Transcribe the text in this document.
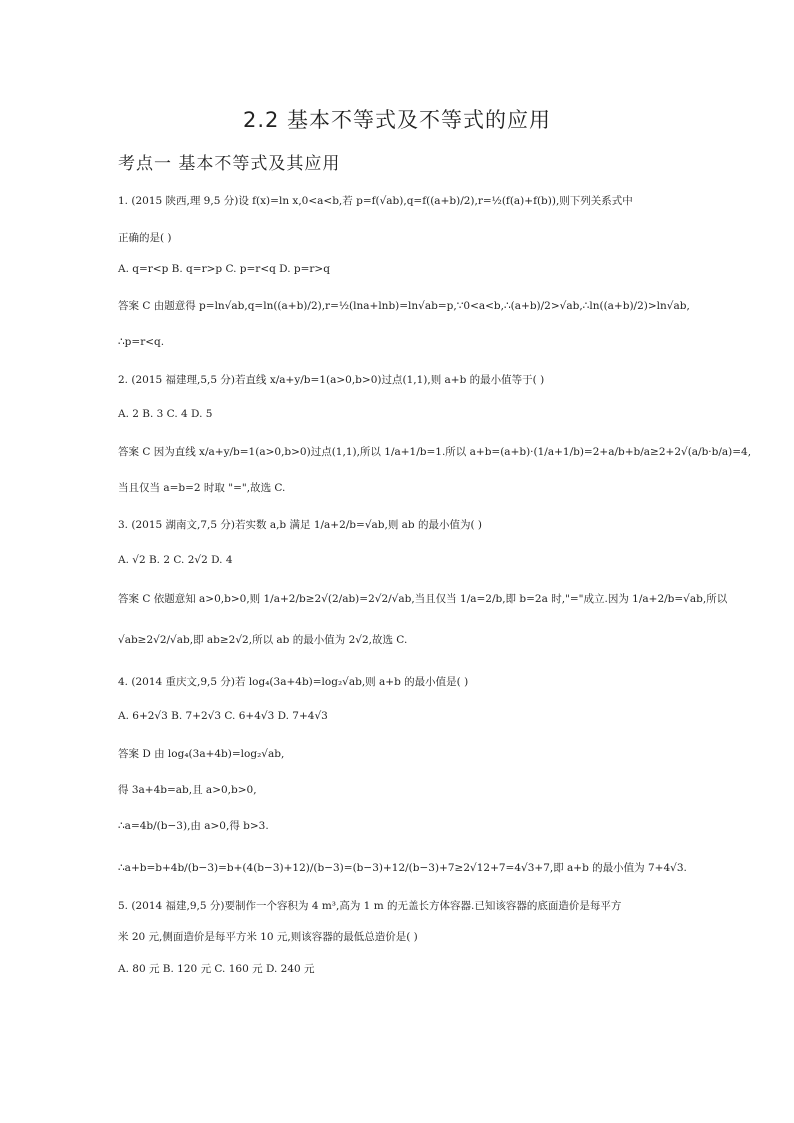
2.2 基本不等式及不等式的应用
考点一 基本不等式及其应用
1. (2015 陕西,理 9,5 分)设 f(x)=ln x,0<a<b,若 p=f(√ab),q=f((a+b)/2),r=½(f(a)+f(b)),则下列关系式中
正确的是( )
A. q=r<p B. q=r>p C. p=r<q D. p=r>q
答案 C 由题意得 p=ln√ab,q=ln((a+b)/2),r=½(lna+lnb)=ln√ab=p,∵0<a<b,∴(a+b)/2>√ab,∴ln((a+b)/2)>ln√ab,
∴p=r<q.
2. (2015 福建理,5,5 分)若直线 x/a+y/b=1(a>0,b>0)过点(1,1),则 a+b 的最小值等于( )
A. 2 B. 3 C. 4 D. 5
答案 C 因为直线 x/a+y/b=1(a>0,b>0)过点(1,1),所以 1/a+1/b=1.所以 a+b=(a+b)·(1/a+1/b)=2+a/b+b/a≥2+2√(a/b·b/a)=4,
当且仅当 a=b=2 时取 "=",故选 C.
3. (2015 湖南文,7,5 分)若实数 a,b 满足 1/a+2/b=√ab,则 ab 的最小值为( )
A. √2 B. 2 C. 2√2 D. 4
答案 C 依题意知 a>0,b>0,则 1/a+2/b≥2√(2/ab)=2√2/√ab,当且仅当 1/a=2/b,即 b=2a 时,"="成立.因为 1/a+2/b=√ab,所以
√ab≥2√2/√ab,即 ab≥2√2,所以 ab 的最小值为 2√2,故选 C.
4. (2014 重庆文,9,5 分)若 log₄(3a+4b)=log₂√ab,则 a+b 的最小值是( )
A. 6+2√3 B. 7+2√3 C. 6+4√3 D. 7+4√3
答案 D 由 log₄(3a+4b)=log₂√ab,
得 3a+4b=ab,且 a>0,b>0,
∴a=4b/(b−3),由 a>0,得 b>3.
∴a+b=b+4b/(b−3)=b+(4(b−3)+12)/(b−3)=(b−3)+12/(b−3)+7≥2√12+7=4√3+7,即 a+b 的最小值为 7+4√3.
5. (2014 福建,9,5 分)要制作一个容积为 4 m³,高为 1 m 的无盖长方体容器.已知该容器的底面造价是每平方
米 20 元,侧面造价是每平方米 10 元,则该容器的最低总造价是( )
A. 80 元 B. 120 元 C. 160 元 D. 240 元
